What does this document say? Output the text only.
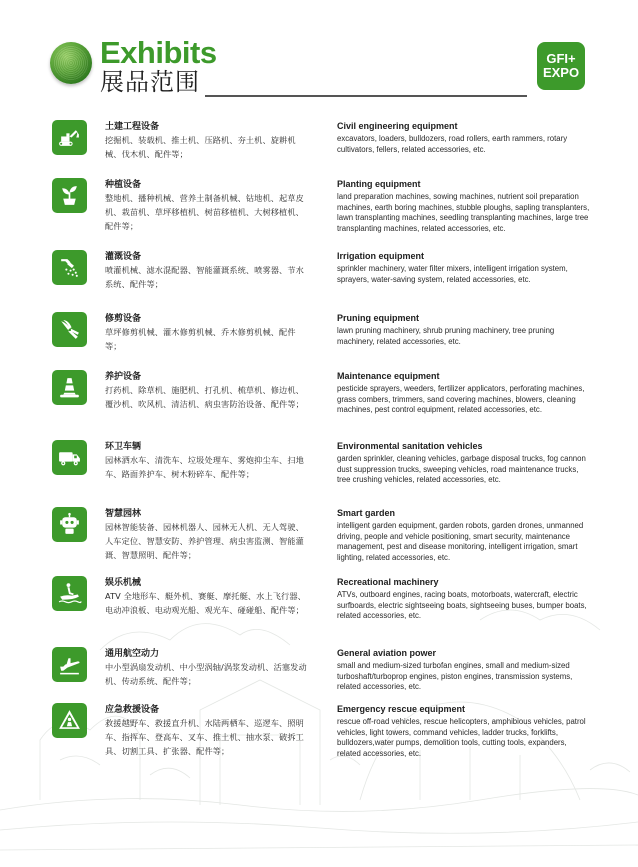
Exhibits
展品范围
GFI+
EXPO
土建工程设备
挖掘机、装载机、推土机、压路机、夯土机、旋耕机械、伐木机、配件等；
Civil engineering equipment
excavators, loaders, bulldozers, road rollers, earth rammers, rotary cultivators, fellers, related accessories, etc.
种植设备
整地机、播种机械、营养土制备机械、钻地机、起草皮机、栽苗机、草坪移植机、树苗移植机、大树移植机、配件等；
Planting equipment
land preparation machines, sowing machines, nutrient soil preparation machines, earth boring machines, stubble ploughs, sapling transplanters, lawn transplanting machines, seedling transplanting machines, large tree transplanting machines, related accessories, etc.
灌溉设备
喷灌机械、滤水混配器、智能灌溉系统、喷雾器、节水系统、配件等；
Irrigation equipment
sprinkler machinery, water filter mixers, intelligent irrigation system, sprayers, water-saving system, related accessories, etc.
修剪设备
草坪修剪机械、灌木修剪机械、乔木修剪机械、配件等；
Pruning equipment
lawn pruning machinery, shrub pruning machinery, tree pruning machinery, related accessories, etc.
养护设备
打药机、除草机、施肥机、打孔机、梳草机、修边机、覆沙机、吹风机、清洁机、病虫害防治设备、配件等；
Maintenance equipment
pesticide sprayers, weeders, fertilizer applicators, perforating machines, grass combers, trimmers, sand covering machines, blowers, cleaning machines, pest control equipment, related accessories, etc.
环卫车辆
园林洒水车、清洗车、垃圾处理车、雾炮抑尘车、扫地车、路面养护车、树木粉碎车、配件等；
Environmental sanitation vehicles
garden sprinkler, cleaning vehicles, garbage disposal trucks, fog cannon dust suppression trucks, sweeping vehicles, road maintenance trucks, tree crushing vehicles, related accessories, etc.
智慧园林
园林智能装备、园林机器人、园林无人机、无人驾驶、人车定位、智慧安防、养护管理、病虫害监测、智能灌溉、智慧照明、配件等；
Smart garden
intelligent garden equipment, garden robots, garden drones, unmanned driving, people and vehicle positioning, smart security, maintenance management, pest and disease monitoring, intelligent irrigation, smart lighting, related accessories, etc.
娱乐机械
ATV 全地形车、艇外机、赛艇、摩托艇、水上飞行器、电动冲浪板、电动观光船、观光车、碰碰船、配件等；
Recreational machinery
ATVs, outboard engines, racing boats, motorboats, watercraft, electric surfboards, electric sightseeing boats, sightseeing buses, bumper boats, related accessories, etc.
通用航空动力
中小型涡扇发动机、中小型涡轴/涡浆发动机、活塞发动机、传动系统、配件等；
General aviation power
small and medium-sized turbofan engines, small and medium-sized turboshaft/turboprop engines, piston engines, transmission systems, related accessories, etc.
应急救援设备
救援越野车、救援直升机、水陆两栖车、巡逻车、照明车、指挥车、登高车、叉车、推土机、抽水泵、破拆工具、切割工具、扩张器、配件等；
Emergency rescue equipment
rescue off-road vehicles, rescue helicopters, amphibious vehicles, patrol vehicles, light towers, command vehicles, ladder trucks, forklifts, bulldozers,water pumps, demolition tools, cutting tools, expanders, related accessories, etc.
